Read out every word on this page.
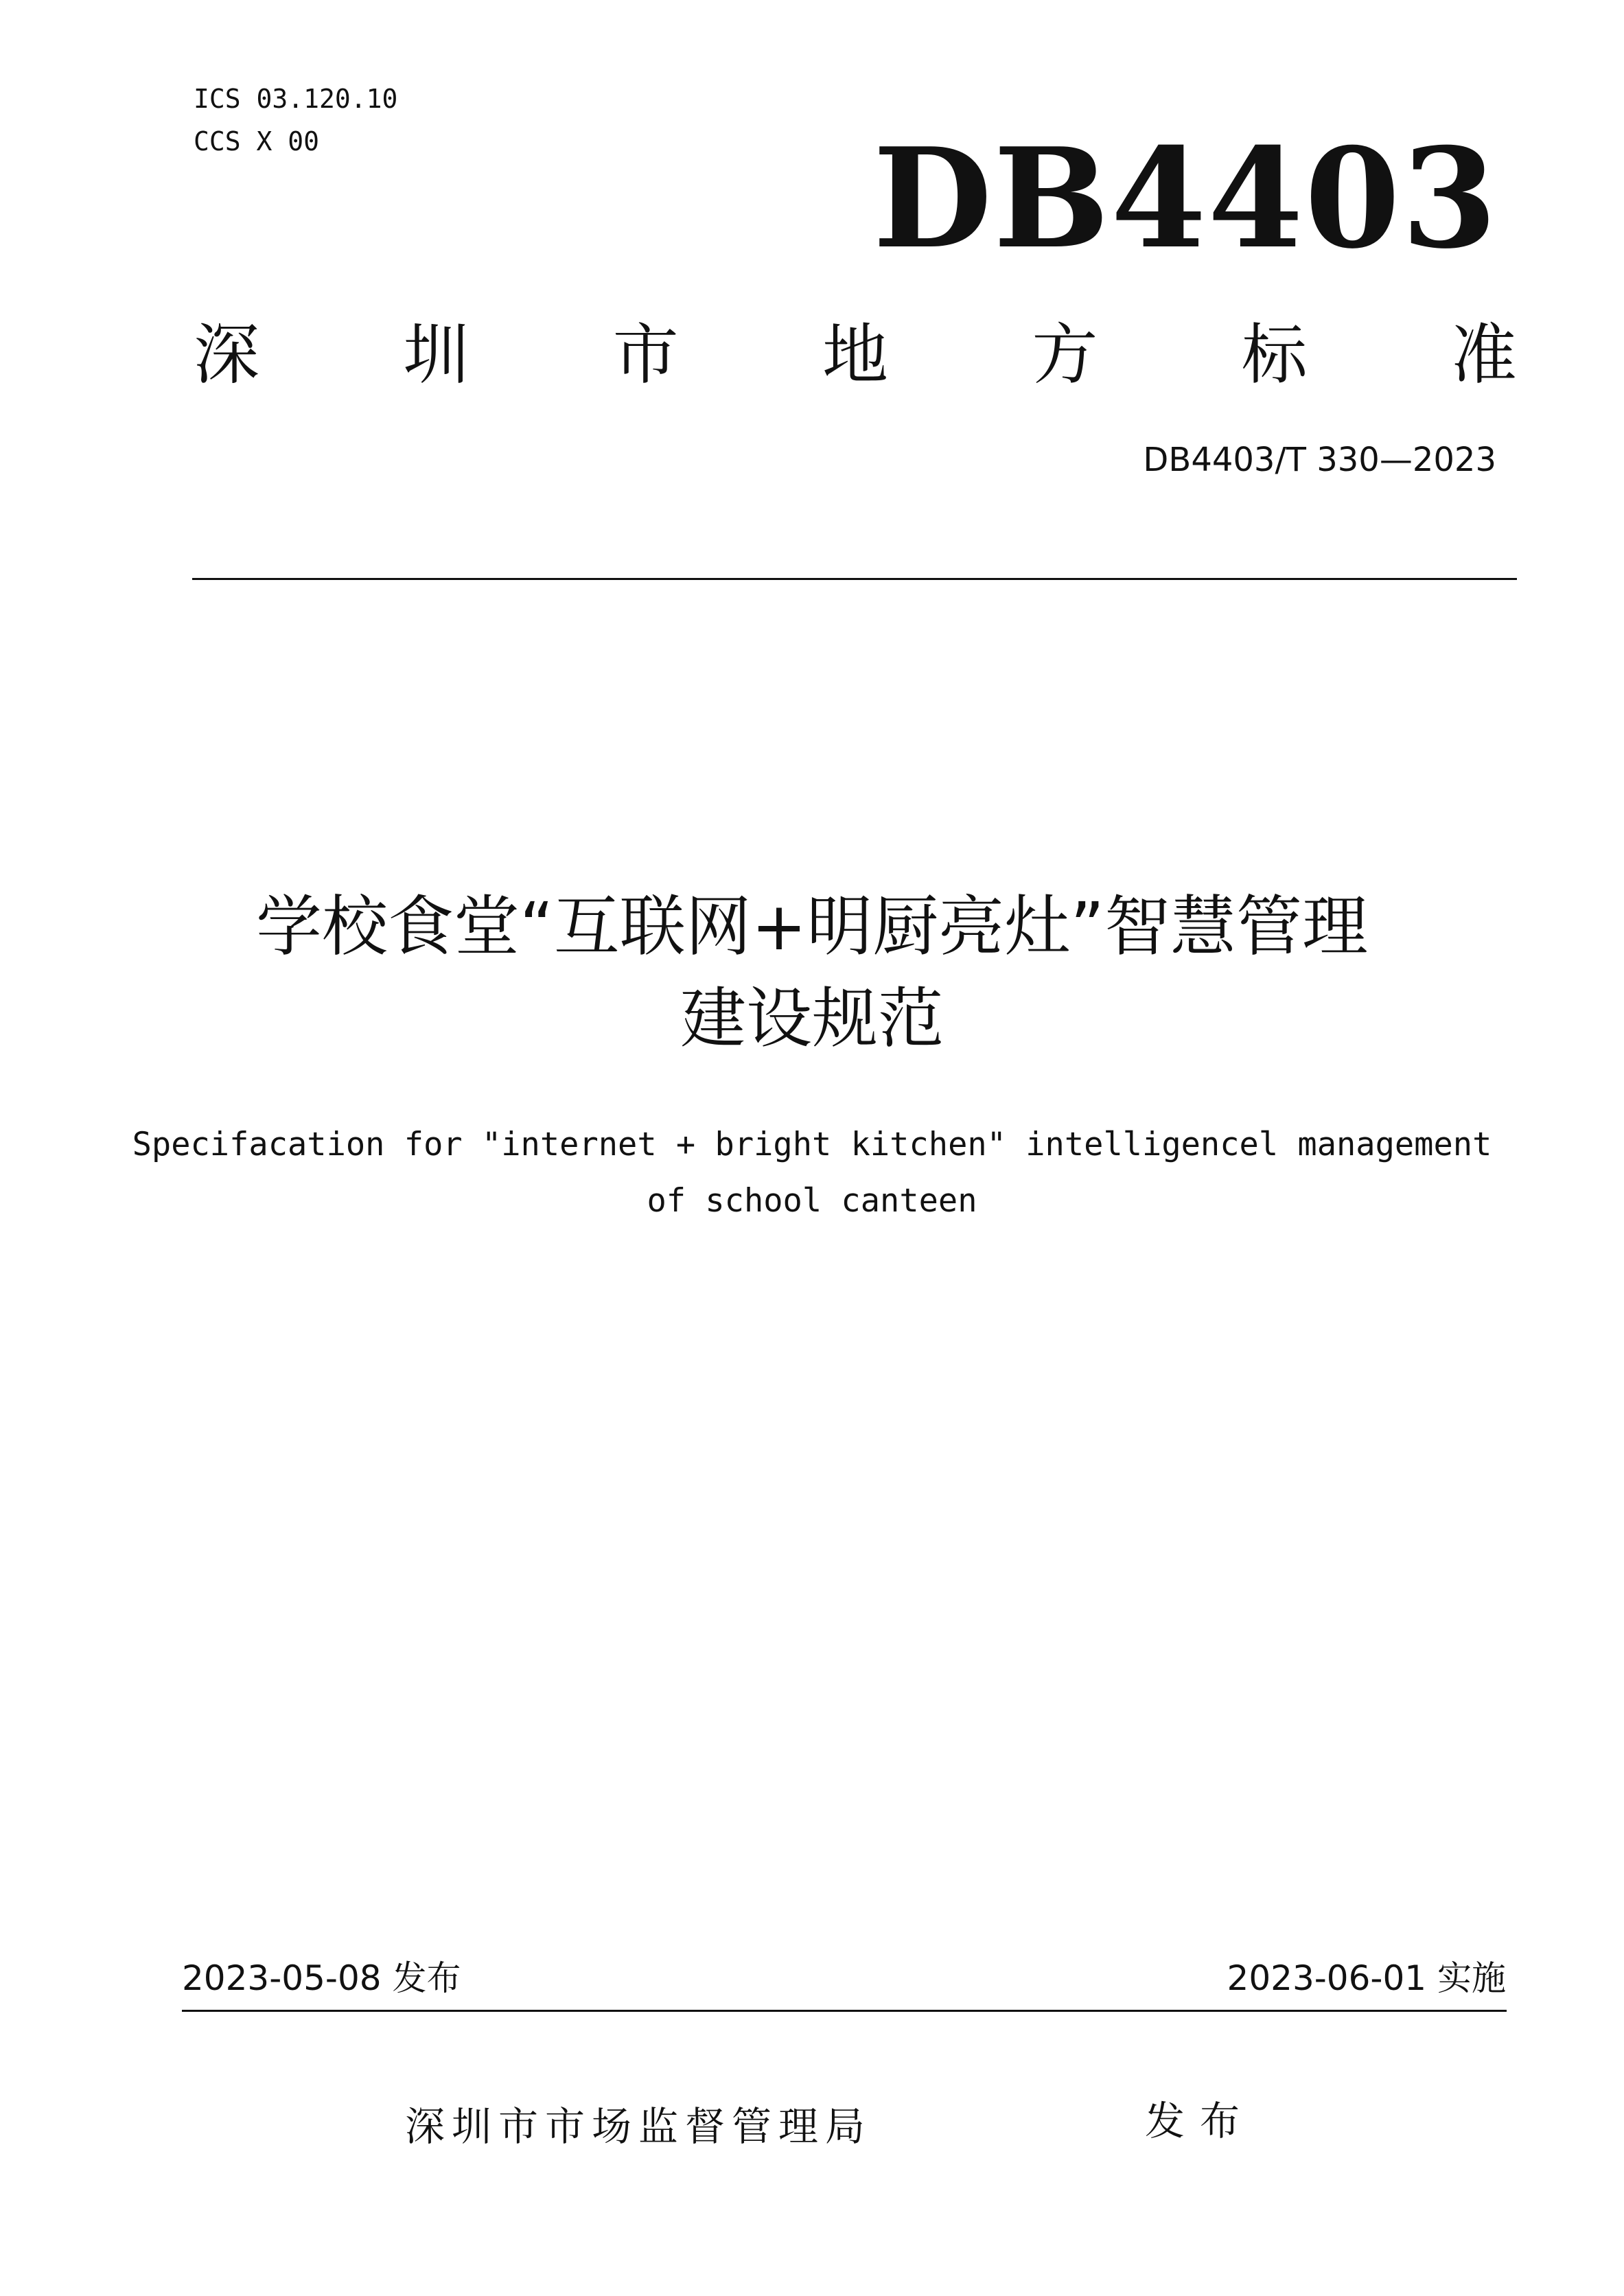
ICS 03.120.10
CCS X 00	DB4403
深 圳 市 地 方 标 准
DB4403/T 330—2023
学校食堂“互联网+明厨亮灶”智慧管理
建设规范
Specifacation for "internet + bright kitchen" intelligencel management
of school canteen
2023-05-08 发布	2023-06-01 实施
深圳市市场监督管理局	发布
